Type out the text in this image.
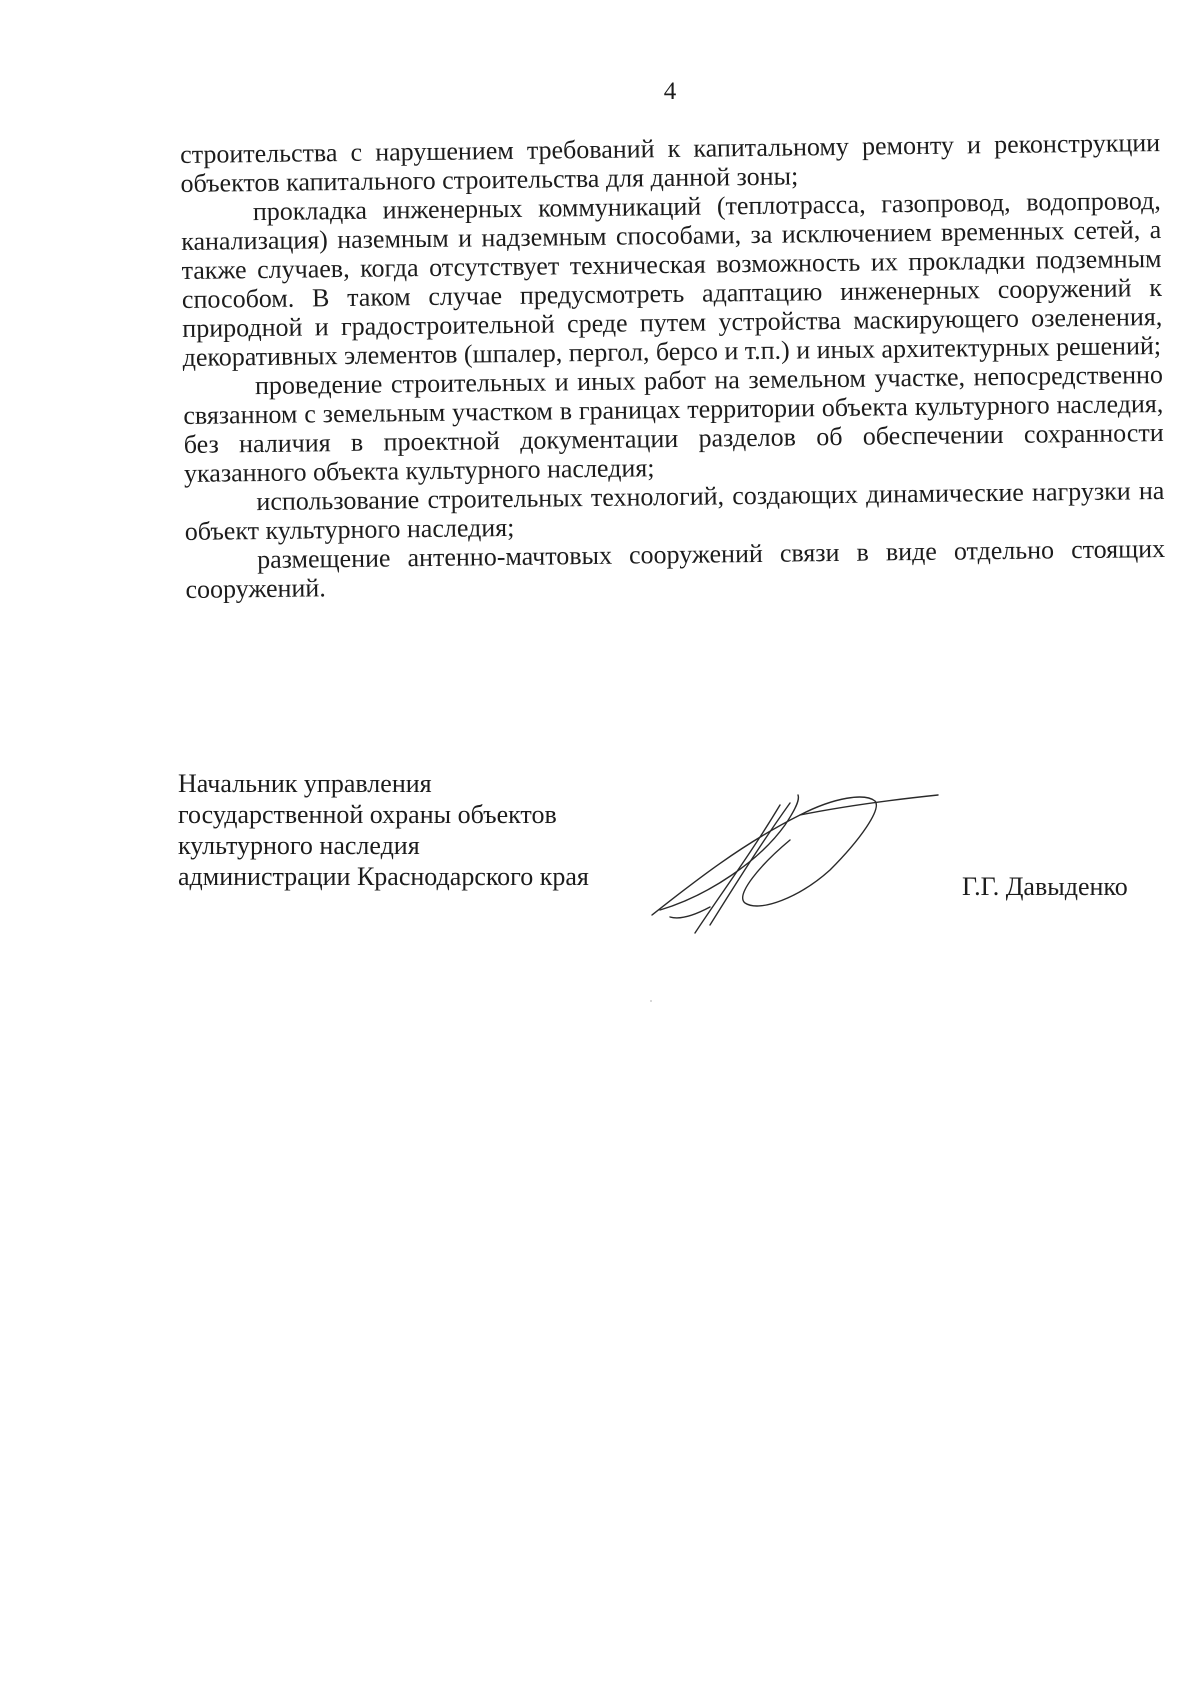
4

строительства с нарушением требований к капитальному ремонту и реконструкции объектов капитального строительства для данной зоны;

прокладка инженерных коммуникаций (теплотрасса, газопровод, водопровод, канализация) наземным и надземным способами, за исключением временных сетей, а также случаев, когда отсутствует техническая возможность их прокладки подземным способом. В таком случае предусмотреть адаптацию инженерных сооружений к природной и градостроительной среде путем устройства маскирующего озеленения, декоративных элементов (шпалер, пергол, берсо и т.п.) и иных архитектурных решений;

проведение строительных и иных работ на земельном участке, непосредственно связанном с земельным участком в границах территории объекта культурного наследия, без наличия в проектной документации разделов об обеспечении сохранности указанного объекта культурного наследия;

использование строительных технологий, создающих динамические нагрузки на объект культурного наследия;

размещение антенно-мачтовых сооружений связи в виде отдельно стоящих сооружений.

Начальник управления
государственной охраны объектов
культурного наследия
администрации Краснодарского края	Г.Г. Давыденко
